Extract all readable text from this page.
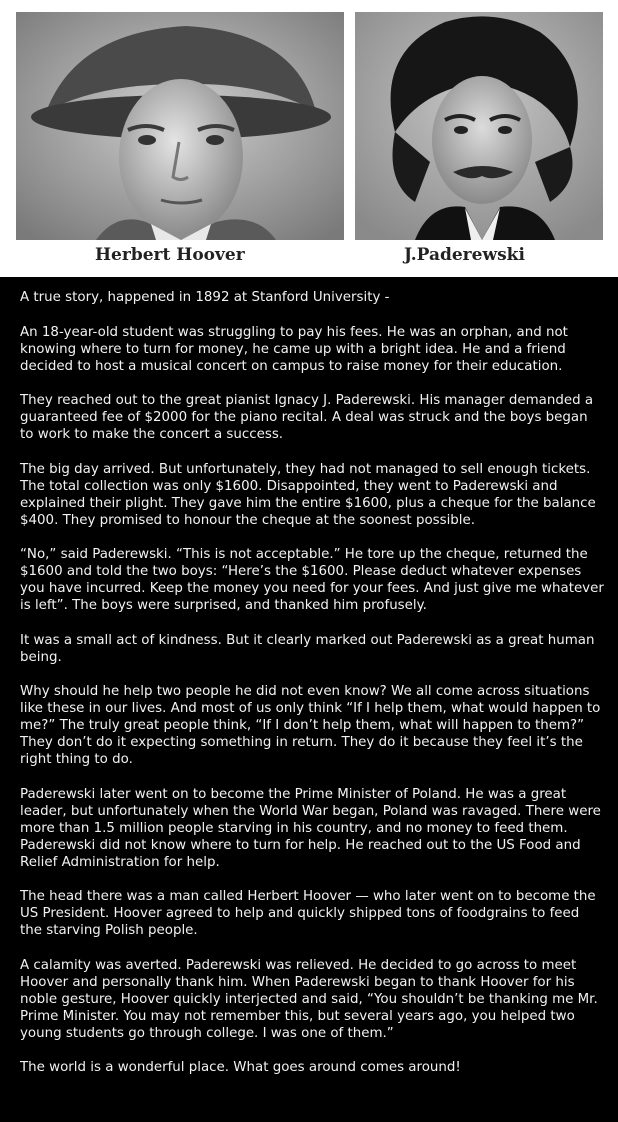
Herbert Hoover	J.Paderewski

A true story, happened in 1892 at Stanford University -

An 18-year-old student was struggling to pay his fees. He was an orphan, and not knowing where to turn for money, he came up with a bright idea. He and a friend decided to host a musical concert on campus to raise money for their education.

They reached out to the great pianist Ignacy J. Paderewski. His manager demanded a guaranteed fee of $2000 for the piano recital. A deal was struck and the boys began to work to make the concert a success.

The big day arrived. But unfortunately, they had not managed to sell enough tickets. The total collection was only $1600. Disappointed, they went to Paderewski and explained their plight. They gave him the entire $1600, plus a cheque for the balance $400. They promised to honour the cheque at the soonest possible.

“No,” said Paderewski. “This is not acceptable.” He tore up the cheque, returned the $1600 and told the two boys: “Here’s the $1600. Please deduct whatever expenses you have incurred. Keep the money you need for your fees. And just give me whatever is left”. The boys were surprised, and thanked him profusely.

It was a small act of kindness. But it clearly marked out Paderewski as a great human being.

Why should he help two people he did not even know? We all come across situations like these in our lives. And most of us only think “If I help them, what would happen to me?” The truly great people think, “If I don’t help them, what will happen to them?” They don’t do it expecting something in return. They do it because they feel it’s the right thing to do.

Paderewski later went on to become the Prime Minister of Poland. He was a great leader, but unfortunately when the World War began, Poland was ravaged. There were more than 1.5 million people starving in his country, and no money to feed them. Paderewski did not know where to turn for help. He reached out to the US Food and Relief Administration for help.

The head there was a man called Herbert Hoover — who later went on to become the US President. Hoover agreed to help and quickly shipped tons of foodgrains to feed the starving Polish people.

A calamity was averted. Paderewski was relieved. He decided to go across to meet Hoover and personally thank him. When Paderewski began to thank Hoover for his noble gesture, Hoover quickly interjected and said, “You shouldn’t be thanking me Mr. Prime Minister. You may not remember this, but several years ago, you helped two young students go through college. I was one of them.”

The world is a wonderful place. What goes around comes around!
